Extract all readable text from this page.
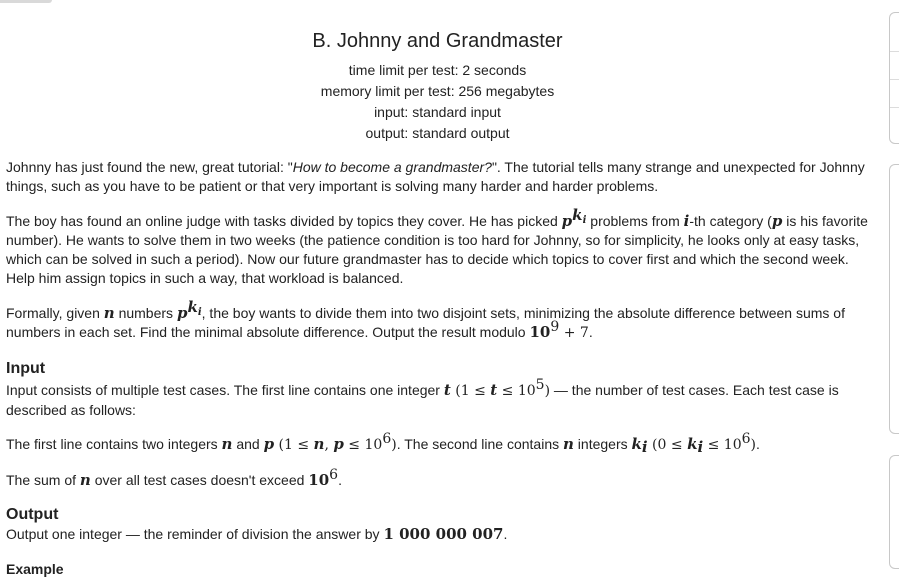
B. Johnny and Grandmaster
time limit per test: 2 seconds
memory limit per test: 256 megabytes
input: standard input
output: standard output
Johnny has just found the new, great tutorial: "How to become a grandmaster?". The tutorial tells many strange and unexpected for Johnny things, such as you have to be patient or that very important is solving many harder and harder problems.
The boy has found an online judge with tasks divided by topics they cover. He has picked $p^{k_i}$ problems from i-th category (p is his favorite number). He wants to solve them in two weeks (the patience condition is too hard for Johnny, so for simplicity, he looks only at easy tasks, which can be solved in such a period). Now our future grandmaster has to decide which topics to cover first and which the second week. Help him assign topics in such a way, that workload is balanced.
Formally, given n numbers $p^{k_i}$, the boy wants to divide them into two disjoint sets, minimizing the absolute difference between sums of numbers in each set. Find the minimal absolute difference. Output the result modulo $10^9 + 7$.
Input
Input consists of multiple test cases. The first line contains one integer t $(1 \le t \le 10^5)$ — the number of test cases. Each test case is described as follows:
The first line contains two integers n and p (1 ≤ n, $p \le 10^6$). The second line contains n integers $k_i$ $(0 \le k_i \le 10^6)$.
The sum of n over all test cases doesn't exceed $10^6$.
Output
Output one integer — the reminder of division the answer by 1 000 000 007.
Example
